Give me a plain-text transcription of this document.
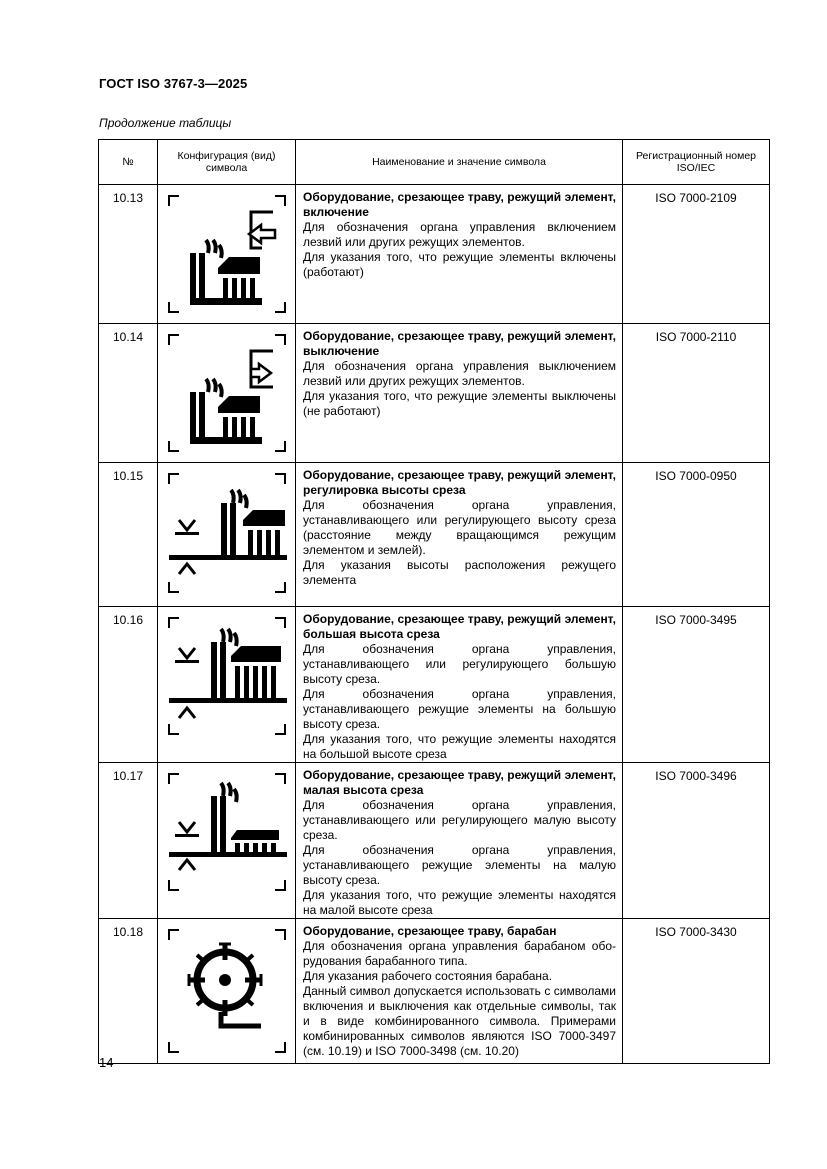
ГОСТ ISO 3767-3—2025
Продолжение таблицы
№	Конфигурация (вид) символа	Наименование и значение символа	Регистрационный номер ISO/IEC
10.13		Оборудование, срезающее траву, режущий элемент, включение
Для обозначения органа управления включением лезвий или других режущих элементов.
Для указания того, что режущие элементы включены (работают)	ISO 7000-2109
10.14		Оборудование, срезающее траву, режущий элемент, выключение
Для обозначения органа управления выключением лезвий или других режущих элементов.
Для указания того, что режущие элементы выключены (не работают)	ISO 7000-2110
10.15		Оборудование, срезающее траву, режущий элемент, регулировка высоты среза
Для обозначения органа управления, устанавливающего или регулирующего высоту среза (расстояние между вращающимся режущим элементом и землей).
Для указания высоты расположения режущего элемента	ISO 7000-0950
10.16		Оборудование, срезающее траву, режущий элемент, большая высота среза
Для обозначения органа управления, устанавливающего или регулирующего большую высоту среза.
Для обозначения органа управления, устанавливающего режущие элементы на большую высоту среза.
Для указания того, что режущие элементы находятся на большой высоте среза	ISO 7000-3495
10.17		Оборудование, срезающее траву, режущий элемент, малая высота среза
Для обозначения органа управления, устанавливающего или регулирующего малую высоту среза.
Для обозначения органа управления, устанавливающего режущие элементы на малую высоту среза.
Для указания того, что режущие элементы находятся на малой высоте среза	ISO 7000-3496
10.18		Оборудование, срезающее траву, барабан
Для обозначения органа управления барабаном оборудования барабанного типа.
Для указания рабочего состояния барабана.
Данный символ допускается использовать с символами включения и выключения как отдельные символы, так и в виде комбинированного символа. Примерами комбинированных символов являются ISO 7000-3497 (см. 10.19) и ISO 7000-3498 (см. 10.20)	ISO 7000-3430
14
